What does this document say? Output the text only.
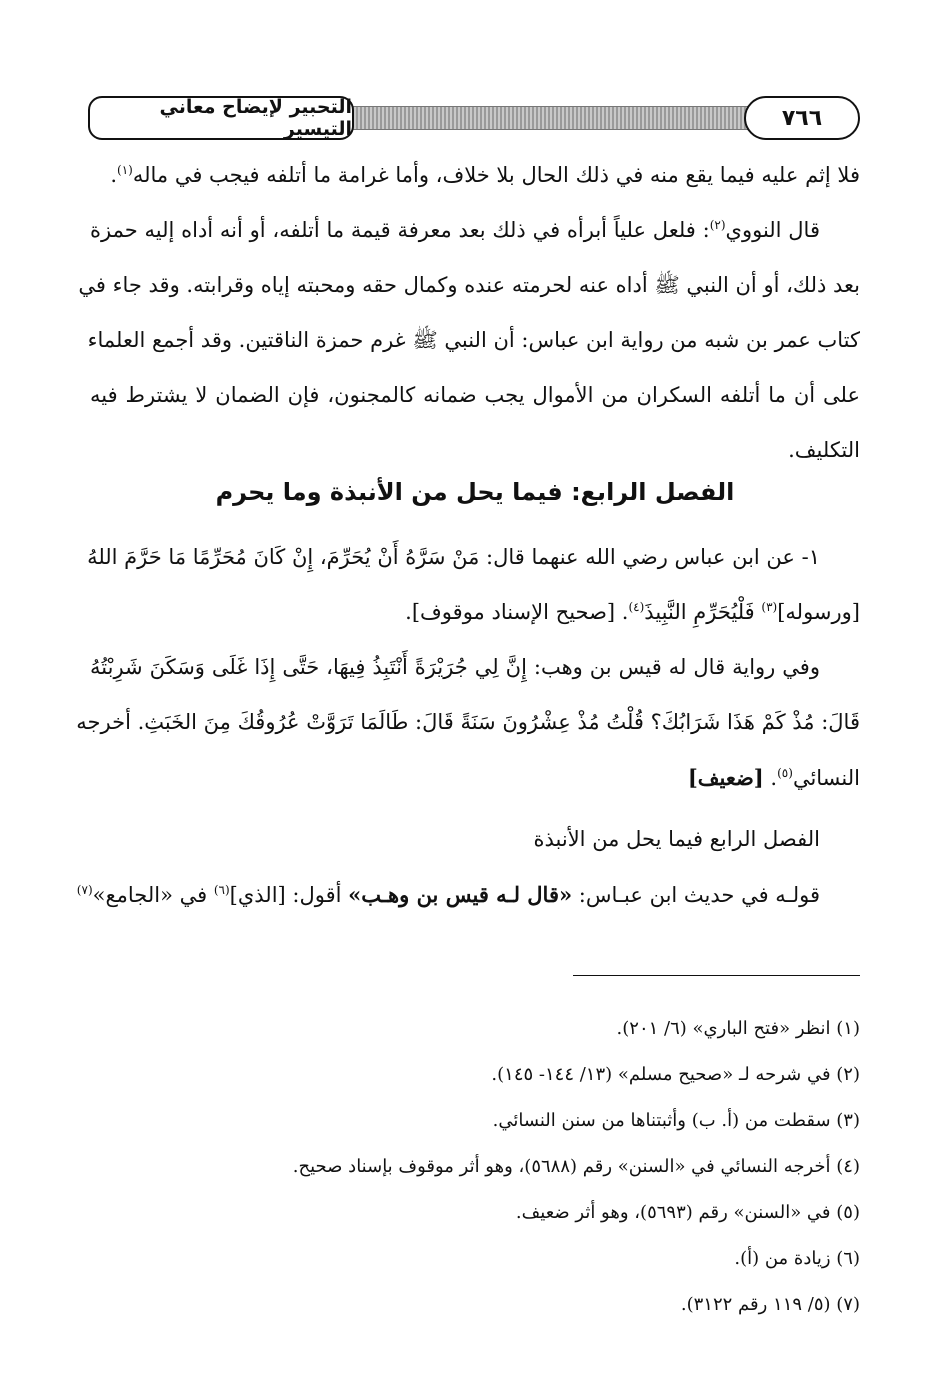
التحبير لإيضاح معاني التيسير	٧٦٦
فلا إثم عليه فيما يقع منه في ذلك الحال بلا خلاف، وأما غرامة ما أتلفه فيجب في ماله$^{(١)}$.
قال النووي$^{(٢)}$: فلعل علياً أبرأه في ذلك بعد معرفة قيمة ما أتلفه، أو أنه أداه إليه حمزة
بعد ذلك، أو أن النبي ﷺ أداه عنه لحرمته عنده وكمال حقه ومحبته إياه وقرابته. وقد جاء في
كتاب عمر بن شبه من رواية ابن عباس: أن النبي ﷺ غرم حمزة الناقتين. وقد أجمع العلماء
على أن ما أتلفه السكران من الأموال يجب ضمانه كالمجنون، فإن الضمان لا يشترط فيه
التكليف.
الفصل الرابع: فيما يحل من الأنبذة وما يحرم
١- عن ابن عباس رضي الله عنهما قال: مَنْ سَرَّهُ أَنْ يُحَرِّمَ، إِنْ كَانَ مُحَرِّمًا مَا حَرَّمَ اللهُ
[ورسوله]$^{(٣)}$ فَلْيُحَرِّمِ النَّبِيذَ$^{(٤)}$. [صحيح الإسناد موقوف].
وفي رواية قال له قيس بن وهب: إِنَّ لِي جُرَيْرَةً أَنْتَبِذُ فِيهَا، حَتَّى إِذَا غَلَى وَسَكَنَ شَرِبْتُهُ
قَالَ: مُذْ كَمْ هَذَا شَرَابُكَ؟ قُلْتُ مُذْ عِشْرُونَ سَنَةً قَالَ: طَالَمَا تَرَوَّتْ عُرُوقُكَ مِنَ الخَبَثِ. أخرجه
النسائي$^{(٥)}$. [ضعيف]
الفصل الرابع فيما يحل من الأنبذة
قولـه في حديث ابن عبـاس: «قال لـه قيس بن وهـب» أقول: [الذي]$^{(٦)}$ في «الجامع»$^{(٧)}$
(١) انظر «فتح الباري» (٦/ ٢٠١).
(٢) في شرحه لـ «صحيح مسلم» (١٣/ ١٤٤- ١٤٥).
(٣) سقطت من (أ. ب) وأثبتناها من سنن النسائي.
(٤) أخرجه النسائي في «السنن» رقم (٥٦٨٨)، وهو أثر موقوف بإسناد صحيح.
(٥) في «السنن» رقم (٥٦٩٣)، وهو أثر ضعيف.
(٦) زيادة من (أ).
(٧) (٥/ ١١٩ رقم ٣١٢٢).
